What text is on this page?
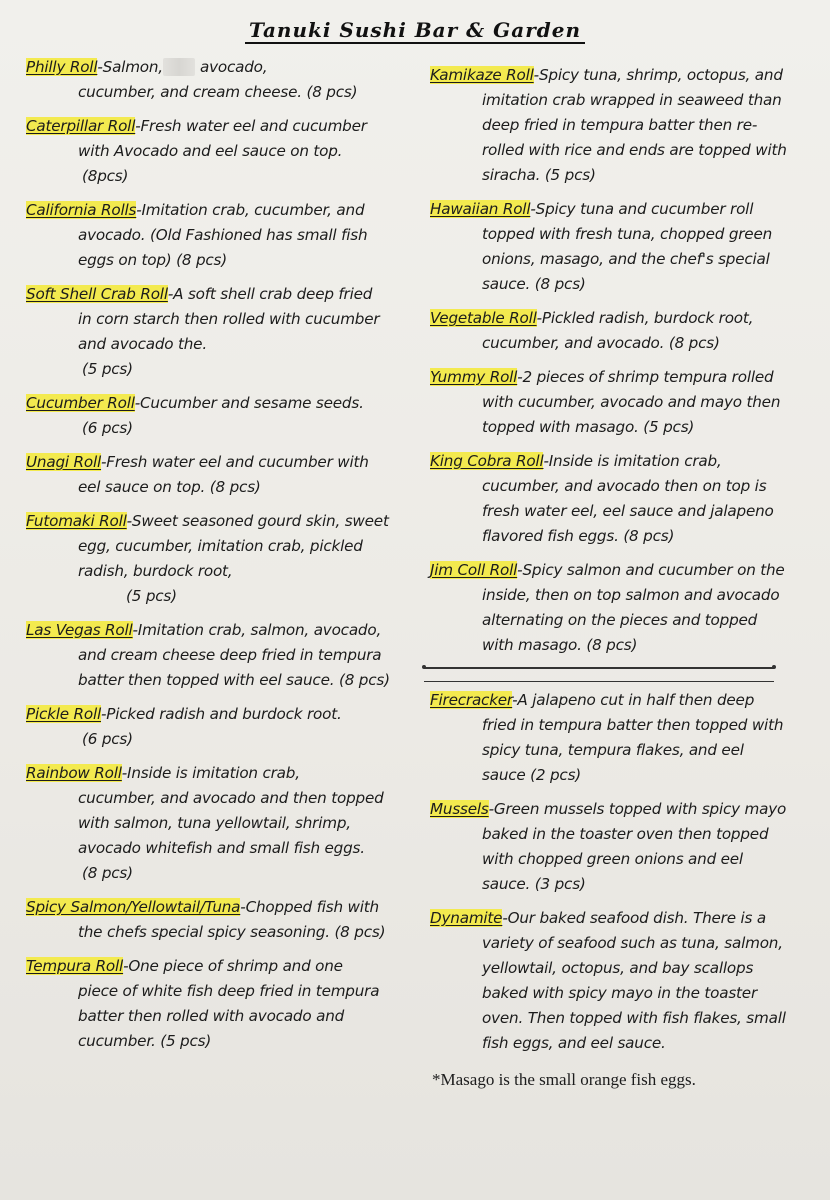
Tanuki Sushi Bar & Garden
Philly Roll-Salmon, avocado,
cucumber, and cream cheese. (8 pcs)
Caterpillar Roll-Fresh water eel and cucumber
with Avocado and eel sauce on top.
(8pcs)
California Rolls-Imitation crab, cucumber, and
avocado. (Old Fashioned has small fish
eggs on top) (8 pcs)
Soft Shell Crab Roll-A soft shell crab deep fried
in corn starch then rolled with cucumber
and avocado the.
(5 pcs)
Cucumber Roll-Cucumber and sesame seeds.
(6 pcs)
Unagi Roll-Fresh water eel and cucumber with
eel sauce on top. (8 pcs)
Futomaki Roll-Sweet seasoned gourd skin, sweet
egg, cucumber, imitation crab, pickled
radish, burdock root,
(5 pcs)
Las Vegas Roll-Imitation crab, salmon, avocado,
and cream cheese deep fried in tempura
batter then topped with eel sauce. (8 pcs)
Pickle Roll-Picked radish and burdock root.
(6 pcs)
Rainbow Roll-Inside is imitation crab,
cucumber, and avocado and then topped
with salmon, tuna yellowtail, shrimp,
avocado whitefish and small fish eggs.
(8 pcs)
Spicy Salmon/Yellowtail/Tuna-Chopped fish with
the chefs special spicy seasoning. (8 pcs)
Tempura Roll-One piece of shrimp and one
piece of white fish deep fried in tempura
batter then rolled with avocado and
cucumber. (5 pcs)
Kamikaze Roll-Spicy tuna, shrimp, octopus, and
imitation crab wrapped in seaweed than
deep fried in tempura batter then re-
rolled with rice and ends are topped with
siracha. (5 pcs)
Hawaiian Roll-Spicy tuna and cucumber roll
topped with fresh tuna, chopped green
onions, masago, and the chef's special
sauce. (8 pcs)
Vegetable Roll-Pickled radish, burdock root,
cucumber, and avocado. (8 pcs)
Yummy Roll-2 pieces of shrimp tempura rolled
with cucumber, avocado and mayo then
topped with masago. (5 pcs)
King Cobra Roll-Inside is imitation crab,
cucumber, and avocado then on top is
fresh water eel, eel sauce and jalapeno
flavored fish eggs. (8 pcs)
Jim Coll Roll-Spicy salmon and cucumber on the
inside, then on top salmon and avocado
alternating on the pieces and topped
with masago. (8 pcs)
Firecracker-A jalapeno cut in half then deep
fried in tempura batter then topped with
spicy tuna, tempura flakes, and eel
sauce (2 pcs)
Mussels-Green mussels topped with spicy mayo
baked in the toaster oven then topped
with chopped green onions and eel
sauce. (3 pcs)
Dynamite-Our baked seafood dish. There is a
variety of seafood such as tuna, salmon,
yellowtail, octopus, and bay scallops
baked with spicy mayo in the toaster
oven. Then topped with fish flakes, small
fish eggs, and eel sauce.
*Masago is the small orange fish eggs.
